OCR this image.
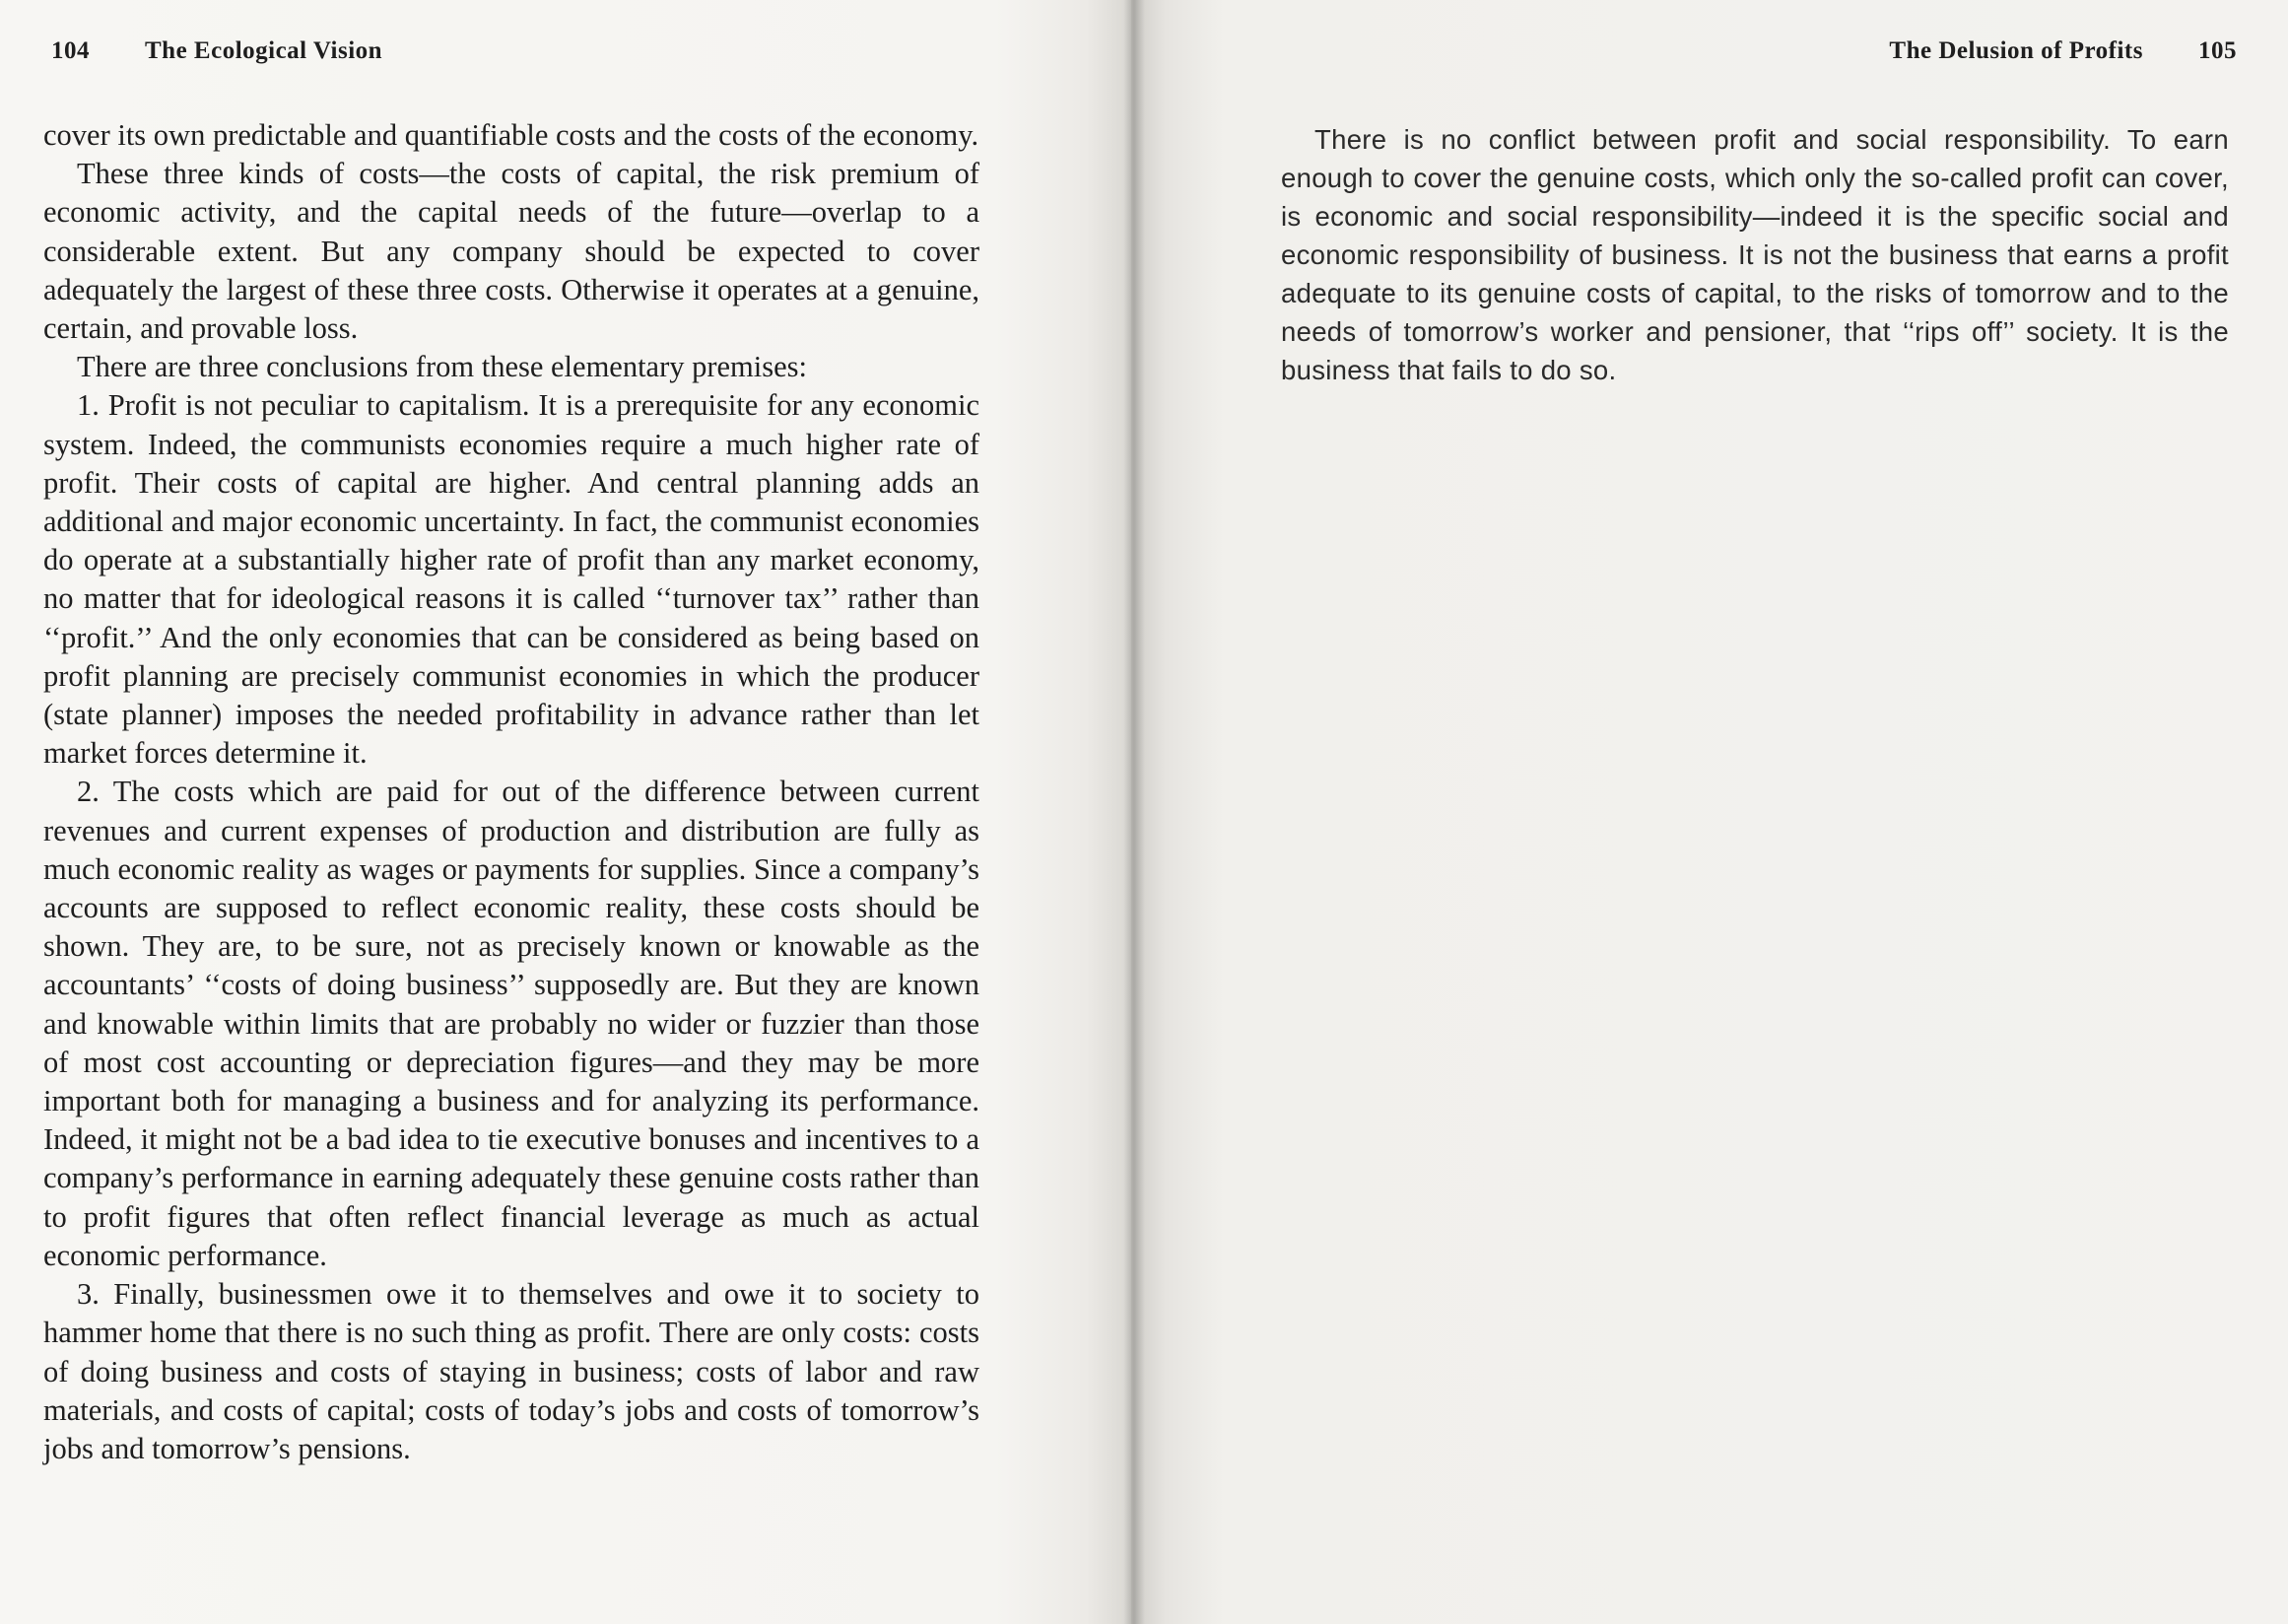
104 The Ecological Vision

cover its own predictable and quantifiable costs and the costs of the economy.

These three kinds of costs—the costs of capital, the risk premium of economic activity, and the capital needs of the future—overlap to a considerable extent. But any company should be expected to cover adequately the largest of these three costs. Otherwise it operates at a genuine, certain, and provable loss.

There are three conclusions from these elementary premises:

1. Profit is not peculiar to capitalism. It is a prerequisite for any economic system. Indeed, the communists economies require a much higher rate of profit. Their costs of capital are higher. And central planning adds an additional and major economic uncertainty. In fact, the communist economies do operate at a substantially higher rate of profit than any market economy, no matter that for ideological reasons it is called ‘‘turnover tax’’ rather than ‘‘profit.’’ And the only economies that can be considered as being based on profit planning are precisely communist economies in which the producer (state planner) imposes the needed profitability in advance rather than let market forces determine it.

2. The costs which are paid for out of the difference between current revenues and current expenses of production and distribution are fully as much economic reality as wages or payments for supplies. Since a company’s accounts are supposed to reflect economic reality, these costs should be shown. They are, to be sure, not as precisely known or knowable as the accountants’ ‘‘costs of doing business’’ supposedly are. But they are known and knowable within limits that are probably no wider or fuzzier than those of most cost accounting or depreciation figures—and they may be more important both for managing a business and for analyzing its performance. Indeed, it might not be a bad idea to tie executive bonuses and incentives to a company’s performance in earning adequately these genuine costs rather than to profit figures that often reflect financial leverage as much as actual economic performance.

3. Finally, businessmen owe it to themselves and owe it to society to hammer home that there is no such thing as profit. There are only costs: costs of doing business and costs of staying in business; costs of labor and raw materials, and costs of capital; costs of today’s jobs and costs of tomorrow’s jobs and tomorrow’s pensions.

The Delusion of Profits 105

There is no conflict between profit and social responsibility. To earn enough to cover the genuine costs, which only the so-called profit can cover, is economic and social responsibility—indeed it is the specific social and economic responsibility of business. It is not the business that earns a profit adequate to its genuine costs of capital, to the risks of tomorrow and to the needs of tomorrow’s worker and pensioner, that ‘‘rips off’’ society. It is the business that fails to do so.
